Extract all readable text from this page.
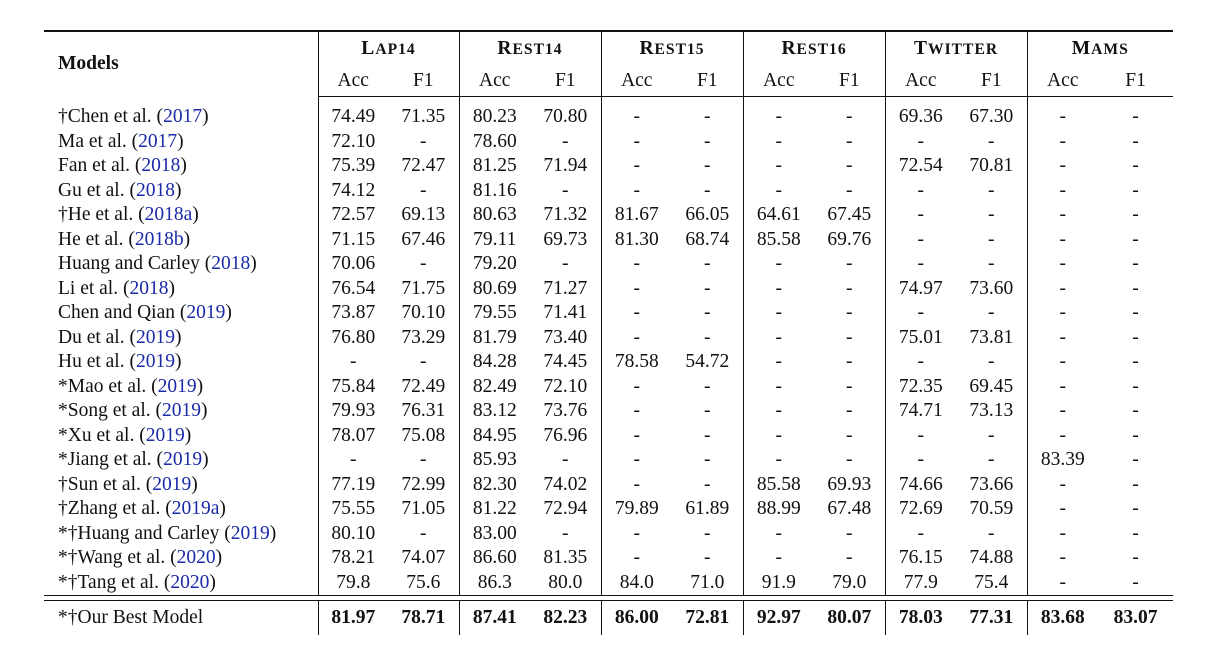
Models	LAP14		REST14		REST15		REST16		TWITTER		MAMS	
	Acc	F1	Acc	F1	Acc	F1	Acc	F1	Acc	F1	Acc	F1

†Chen et al. (2017)	74.49	71.35	80.23	70.80	-	-	-	-	69.36	67.30	-	-
Ma et al. (2017)	72.10	-	78.60	-	-	-	-	-	-	-	-	-
Fan et al. (2018)	75.39	72.47	81.25	71.94	-	-	-	-	72.54	70.81	-	-
Gu et al. (2018)	74.12	-	81.16	-	-	-	-	-	-	-	-	-
†He et al. (2018a)	72.57	69.13	80.63	71.32	81.67	66.05	64.61	67.45	-	-	-	-
He et al. (2018b)	71.15	67.46	79.11	69.73	81.30	68.74	85.58	69.76	-	-	-	-
Huang and Carley (2018)	70.06	-	79.20	-	-	-	-	-	-	-	-	-
Li et al. (2018)	76.54	71.75	80.69	71.27	-	-	-	-	74.97	73.60	-	-
Chen and Qian (2019)	73.87	70.10	79.55	71.41	-	-	-	-	-	-	-	-
Du et al. (2019)	76.80	73.29	81.79	73.40	-	-	-	-	75.01	73.81	-	-
Hu et al. (2019)	-	-	84.28	74.45	78.58	54.72	-	-	-	-	-	-
*Mao et al. (2019)	75.84	72.49	82.49	72.10	-	-	-	-	72.35	69.45	-	-
*Song et al. (2019)	79.93	76.31	83.12	73.76	-	-	-	-	74.71	73.13	-	-
*Xu et al. (2019)	78.07	75.08	84.95	76.96	-	-	-	-	-	-	-	-
*Jiang et al. (2019)	-	-	85.93	-	-	-	-	-	-	-	83.39	-
†Sun et al. (2019)	77.19	72.99	82.30	74.02	-	-	85.58	69.93	74.66	73.66	-	-
†Zhang et al. (2019a)	75.55	71.05	81.22	72.94	79.89	61.89	88.99	67.48	72.69	70.59	-	-
*†Huang and Carley (2019)	80.10	-	83.00	-	-	-	-	-	-	-	-	-
*†Wang et al. (2020)	78.21	74.07	86.60	81.35	-	-	-	-	76.15	74.88	-	-
*†Tang et al. (2020)	79.8	75.6	86.3	80.0	84.0	71.0	91.9	79.0	77.9	75.4	-	-

*†Our Best Model	81.97	78.71	87.41	82.23	86.00	72.81	92.97	80.07	78.03	77.31	83.68	83.07
